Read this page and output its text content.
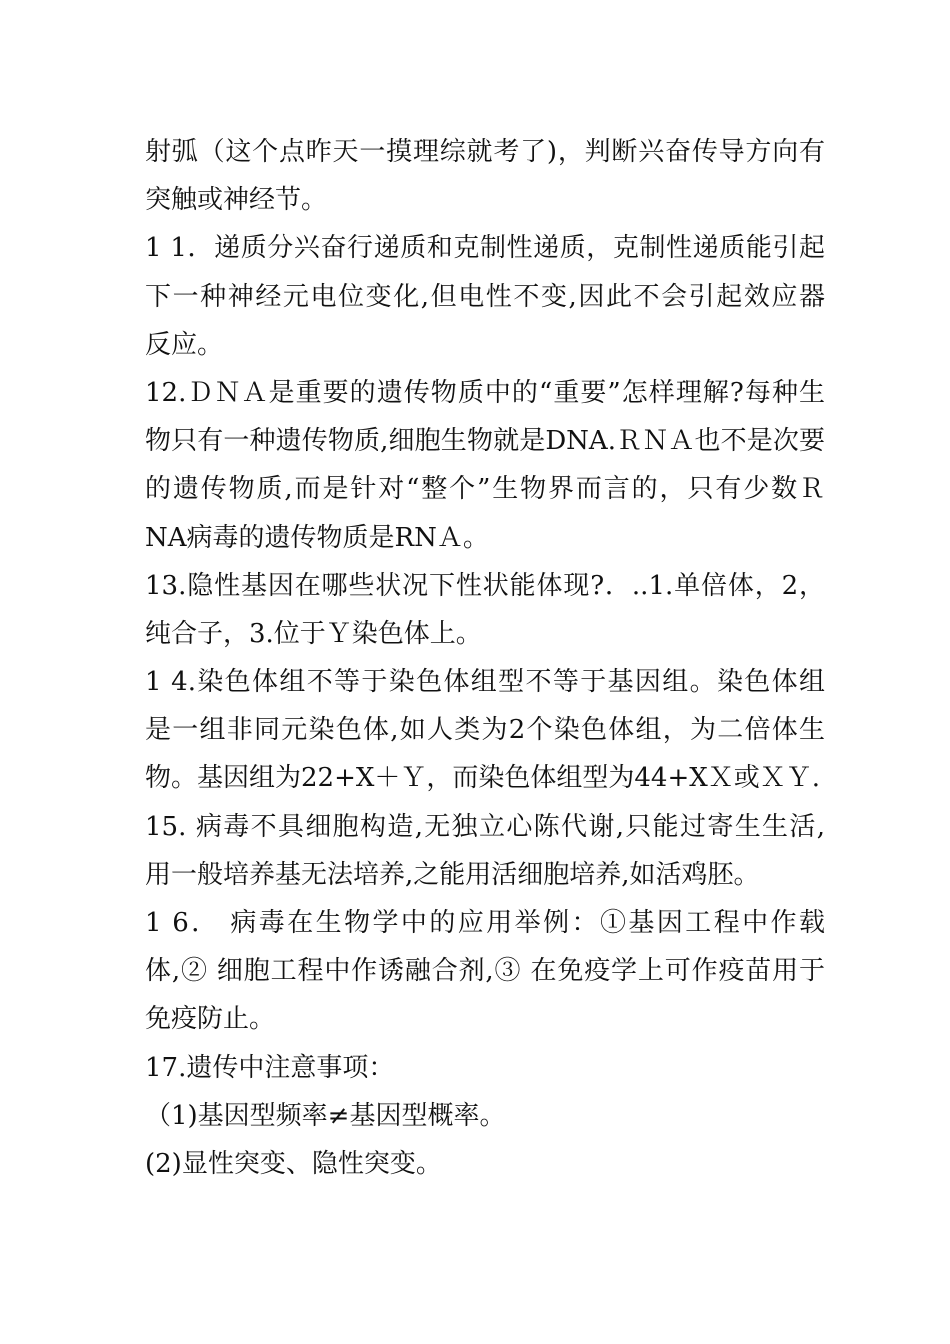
射弧（这个点昨天一摸理综就考了)，判断兴奋传导方向有
突触或神经节。
1 1．递质分兴奋行递质和克制性递质，克制性递质能引起
下一种神经元电位变化,但电性不变,因此不会引起效应器
反应。
12.ＤＮＡ是重要的遗传物质中的“重要”怎样理解?每种生
物只有一种遗传物质,细胞生物就是DNA.ＲＮＡ也不是次要
的遗传物质,而是针对“整个”生物界而言的，只有少数Ｒ
NA病毒的遗传物质是RNＡ。
13.隐性基因在哪些状况下性状能体现?．..1.单倍体，2，
纯合子，3.位于Ｙ染色体上。
1 4.染色体组不等于染色体组型不等于基因组。染色体组
是一组非同元染色体,如人类为2个染色体组，为二倍体生
物。基因组为22+X＋Ｙ，而染色体组型为44+XＸ或ＸＹ.
15. 病毒不具细胞构造,无独立心陈代谢,只能过寄生生活,
用一般培养基无法培养,之能用活细胞培养,如活鸡胚。
1 6． 病毒在生物学中的应用举例：①基因工程中作载
体,② 细胞工程中作诱融合剂,③ 在免疫学上可作疫苗用于
免疫防止。
17.遗传中注意事项：
（1)基因型频率≠基因型概率。
(2)显性突变、隐性突变。
